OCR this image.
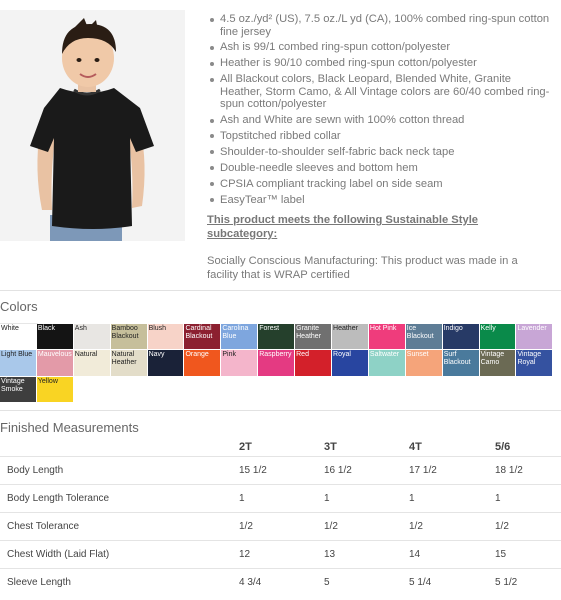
4.5 oz./yd² (US), 7.5 oz./L yd (CA), 100% combed ring-spun cotton fine jersey
Ash is 99/1 combed ring-spun cotton/polyester
Heather is 90/10 combed ring-spun cotton/polyester
All Blackout colors, Black Leopard, Blended White, Granite Heather, Storm Camo, & All Vintage colors are 60/40 combed ring-spun cotton/polyester
Ash and White are sewn with 100% cotton thread
Topstitched ribbed collar
Shoulder-to-shoulder self-fabric back neck tape
Double-needle sleeves and bottom hem
CPSIA compliant tracking label on side seam
EasyTear™ label

This product meets the following Sustainable Style subcategory:

Socially Conscious Manufacturing: This product was made in a facility that is WRAP certified

Colors
White	Black	Ash	Bamboo Blackout
Blush	Cardinal Blackout
Carolina Blue
Forest	Granite Heather
Heather	Hot Pink	Ice Blackout
Indigo	Kelly	Lavender
Light Blue Mauvelous Natural	Natural Heather
Navy	Orange	Pink	Raspberry Red	Royal	Saltwater	Sunset	Surf Blackout
Vintage Camo
Vintage Royal
Vintage Smoke
Yellow
Finished Measurements
	2T	3T	4T	5/6
Body Length	15 1/2	16 1/2	17 1/2	18 1/2
Body Length Tolerance	1	1	1	1
Chest Tolerance	1/2	1/2	1/2	1/2
Chest Width (Laid Flat)	12	13	14	15
Sleeve Length	4 3/4	5	5 1/4	5 1/2
